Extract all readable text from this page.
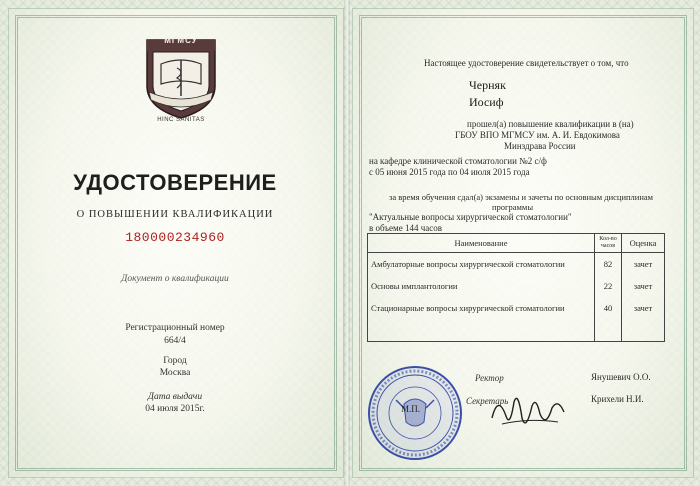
МГМСУ
HINC SANITAS
УДОСТОВЕРЕНИЕ
О ПОВЫШЕНИИ КВАЛИФИКАЦИИ
180000234960
Документ о квалификации
Регистрационный номер
664/4
Город
Москва
Дата выдачи
04 июля 2015г.
Настоящее удостоверение свидетельствует о том, что
Черняк
Иосиф
прошел(а) повышение квалификации в (на)
ГБОУ ВПО МГМСУ им. А. И. Евдокимова
Минздрава России
на кафедре клинической стоматологии №2 с/ф
с 05 июня 2015 года по 04 июля 2015 года
за время обучения сдал(а) экзамены и зачеты по основным дисциплинам
программы
"Актуальные вопросы хирургической стоматологии"
в объеме 144 часов
Наименование	Кол-во часов	Оценка
Амбулаторные вопросы хирургической стоматологии	82	зачет
Основы имплантологии	22	зачет
Стационарные вопросы хирургической стоматологии	40	зачет
М.П.
Ректор	Янушевич О.О.
Секретарь	Крихели Н.И.
